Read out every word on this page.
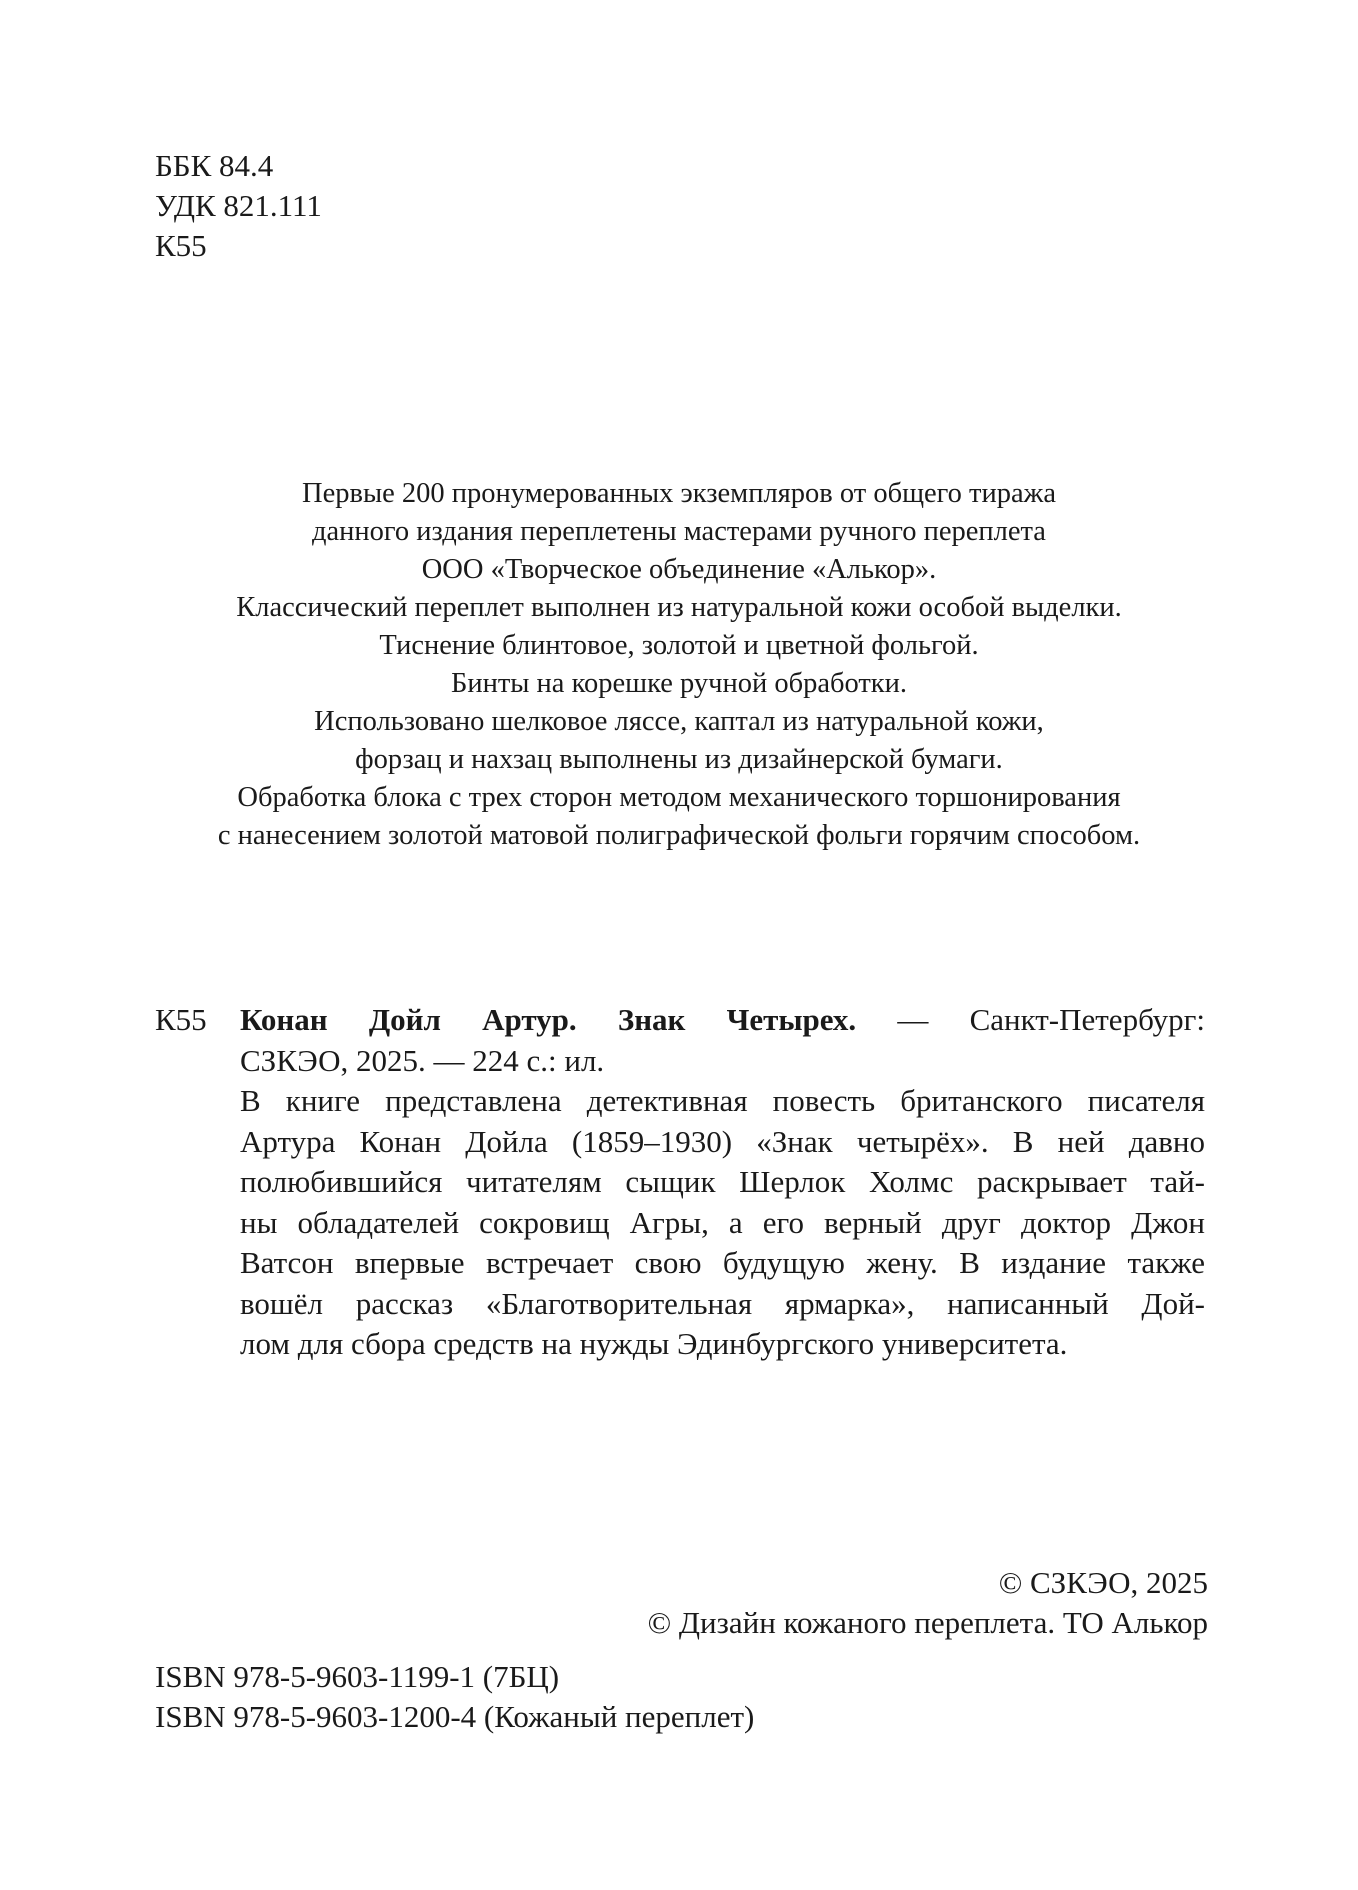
ББК 84.4
УДК 821.111
К55
Первые 200 пронумерованных экземпляров от общего тиража
данного издания переплетены мастерами ручного переплета
ООО «Творческое объединение «Алькор».
Классический переплет выполнен из натуральной кожи особой выделки.
Тиснение блинтовое, золотой и цветной фольгой.
Бинты на корешке ручной обработки.
Использовано шелковое ляссе, каптал из натуральной кожи,
форзац и нахзац выполнены из дизайнерской бумаги.
Обработка блока с трех сторон методом механического торшонирования
с нанесением золотой матовой полиграфической фольги горячим способом.
К55 Конан Дойл Артур. Знак Четырех. — Санкт-Петербург:
СЗКЭО, 2025. — 224 с.: ил.
В книге представлена детективная повесть британского писателя
Артура Конан Дойла (1859–1930) «Знак четырёх». В ней давно
полюбившийся читателям сыщик Шерлок Холмс раскрывает тай-
ны обладателей сокровищ Агры, а его верный друг доктор Джон
Ватсон впервые встречает свою будущую жену. В издание также
вошёл рассказ «Благотворительная ярмарка», написанный Дой-
лом для сбора средств на нужды Эдинбургского университета.
© СЗКЭО, 2025
© Дизайн кожаного переплета. ТО Алькор
ISBN 978-5-9603-1199-1 (7БЦ)
ISBN 978-5-9603-1200-4 (Кожаный переплет)
